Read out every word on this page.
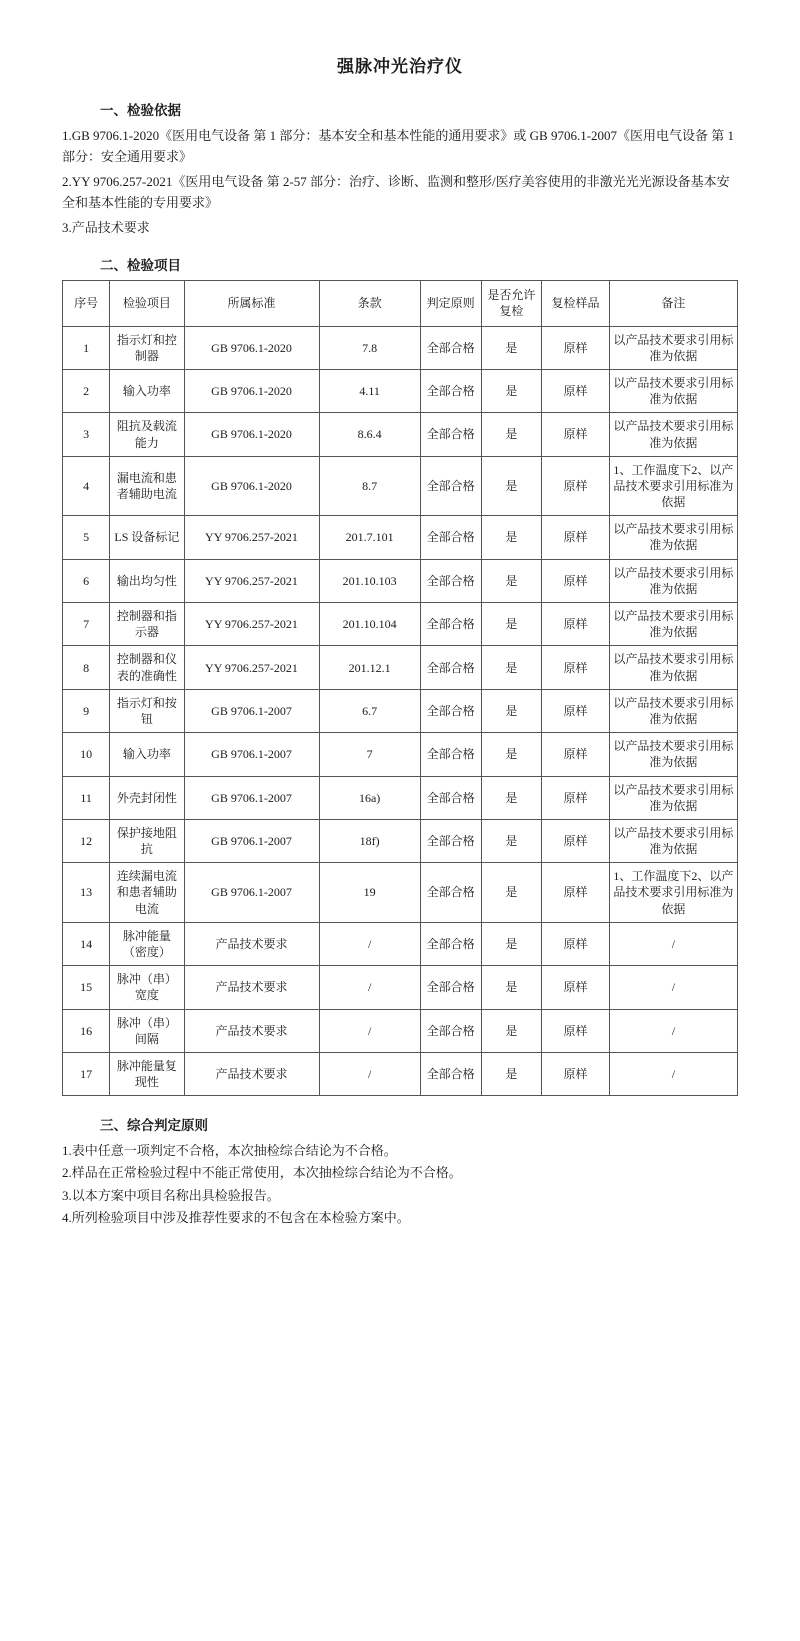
强脉冲光治疗仪
一、检验依据

1.GB 9706.1-2020《医用电气设备 第 1 部分：基本安全和基本性能的通用要求》或 GB 9706.1-2007《医用电气设备 第 1 部分：安全通用要求》

2.YY 9706.257-2021《医用电气设备 第 2-57 部分：治疗、诊断、监测和整形/医疗美容使用的非激光光光源设备基本安全和基本性能的专用要求》

3.产品技术要求

二、检验项目
序号	检验项目	所属标准	条款	判定原则	是否允许复检	复检样品	备注
1	指示灯和控制器	GB 9706.1-2020	7.8	全部合格	是	原样	以产品技术要求引用标准为依据
2	输入功率	GB 9706.1-2020	4.11	全部合格	是	原样	以产品技术要求引用标准为依据
3	阻抗及载流能力	GB 9706.1-2020	8.6.4	全部合格	是	原样	以产品技术要求引用标准为依据
4	漏电流和患者辅助电流	GB 9706.1-2020	8.7	全部合格	是	原样	1、工作温度下2、以产品技术要求引用标准为依据
5	LS 设备标记	YY 9706.257-2021	201.7.101	全部合格	是	原样	以产品技术要求引用标准为依据
6	输出均匀性	YY 9706.257-2021	201.10.103	全部合格	是	原样	以产品技术要求引用标准为依据
7	控制器和指示器	YY 9706.257-2021	201.10.104	全部合格	是	原样	以产品技术要求引用标准为依据
8	控制器和仪表的准确性	YY 9706.257-2021	201.12.1	全部合格	是	原样	以产品技术要求引用标准为依据
9	指示灯和按钮	GB 9706.1-2007	6.7	全部合格	是	原样	以产品技术要求引用标准为依据
10	输入功率	GB 9706.1-2007	7	全部合格	是	原样	以产品技术要求引用标准为依据
11	外壳封闭性	GB 9706.1-2007	16a)	全部合格	是	原样	以产品技术要求引用标准为依据
12	保护接地阻抗	GB 9706.1-2007	18f)	全部合格	是	原样	以产品技术要求引用标准为依据
13	连续漏电流和患者辅助电流	GB 9706.1-2007	19	全部合格	是	原样	1、工作温度下2、以产品技术要求引用标准为依据
14	脉冲能量（密度）	产品技术要求	/	全部合格	是	原样	/
15	脉冲（串）宽度	产品技术要求	/	全部合格	是	原样	/
16	脉冲（串）间隔	产品技术要求	/	全部合格	是	原样	/
17	脉冲能量复现性	产品技术要求	/	全部合格	是	原样	/
三、综合判定原则

1.表中任意一项判定不合格，本次抽检综合结论为不合格。

2.样品在正常检验过程中不能正常使用，本次抽检综合结论为不合格。

3.以本方案中项目名称出具检验报告。

4.所列检验项目中涉及推荐性要求的不包含在本检验方案中。
